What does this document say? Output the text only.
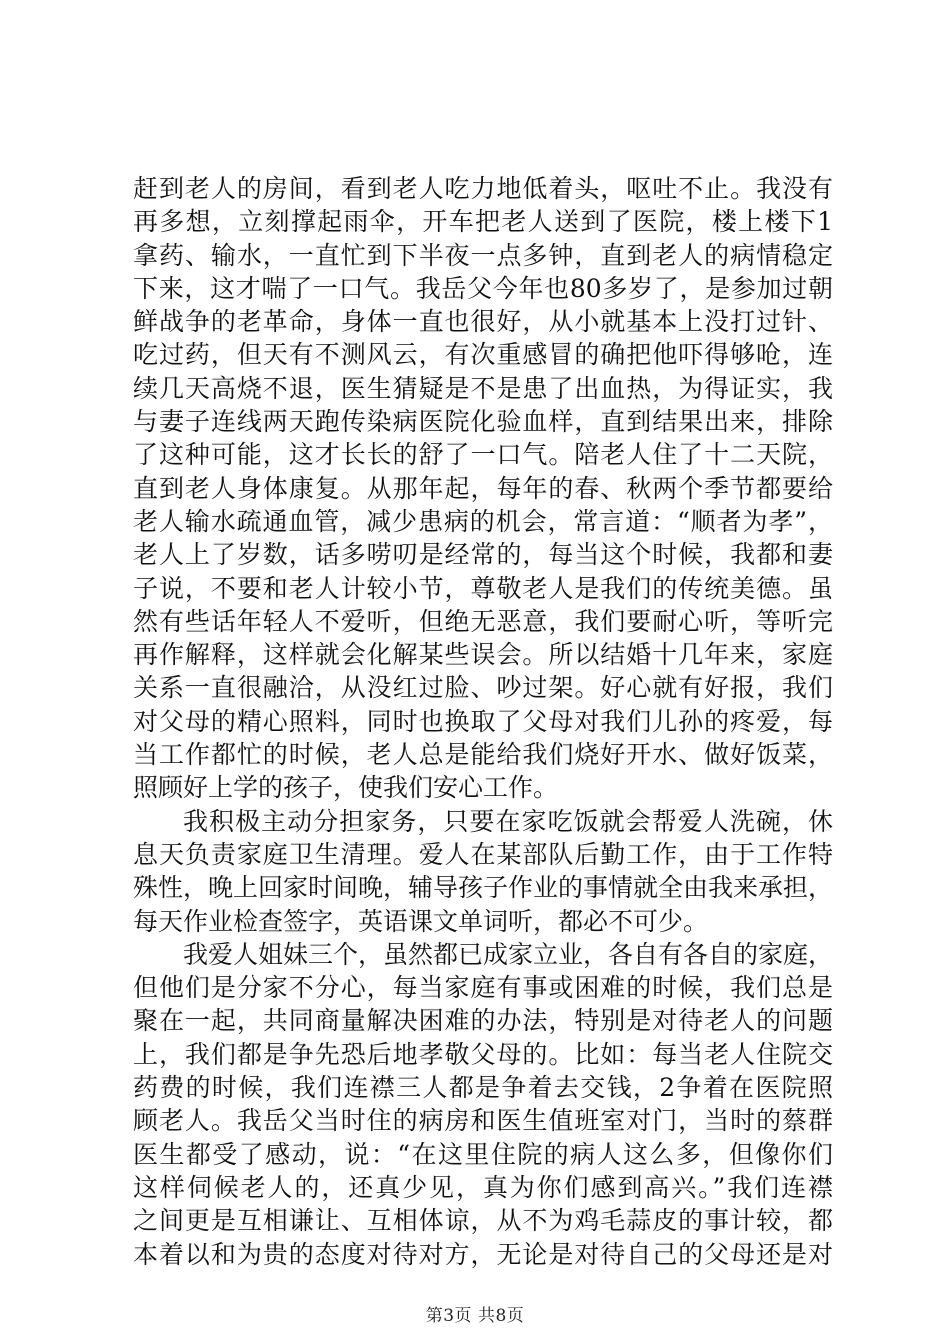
赶到老人的房间，看到老人吃力地低着头，呕吐不止。我没有
再多想，立刻撑起雨伞，开车把老人送到了医院，楼上楼下1
拿药、输水，一直忙到下半夜一点多钟，直到老人的病情稳定
下来，这才喘了一口气。我岳父今年也80多岁了，是参加过朝
鲜战争的老革命，身体一直也很好，从小就基本上没打过针、
吃过药，但天有不测风云，有次重感冒的确把他吓得够呛，连
续几天高烧不退，医生猜疑是不是患了出血热，为得证实，我
与妻子连线两天跑传染病医院化验血样，直到结果出来，排除
了这种可能，这才长长的舒了一口气。陪老人住了十二天院，
直到老人身体康复。从那年起，每年的春、秋两个季节都要给
老人输水疏通血管，减少患病的机会，常言道：“顺者为孝”，
老人上了岁数，话多唠叨是经常的，每当这个时候，我都和妻
子说，不要和老人计较小节，尊敬老人是我们的传统美德。虽
然有些话年轻人不爱听，但绝无恶意，我们要耐心听，等听完
再作解释，这样就会化解某些误会。所以结婚十几年来，家庭
关系一直很融洽，从没红过脸、吵过架。好心就有好报，我们
对父母的精心照料，同时也换取了父母对我们儿孙的疼爱，每
当工作都忙的时候，老人总是能给我们烧好开水、做好饭菜，
照顾好上学的孩子，使我们安心工作。
我积极主动分担家务，只要在家吃饭就会帮爱人洗碗，休
息天负责家庭卫生清理。爱人在某部队后勤工作，由于工作特
殊性，晚上回家时间晚，辅导孩子作业的事情就全由我来承担，
每天作业检查签字，英语课文单词听，都必不可少。
我爱人姐妹三个，虽然都已成家立业，各自有各自的家庭，
但他们是分家不分心，每当家庭有事或困难的时候，我们总是
聚在一起，共同商量解决困难的办法，特别是对待老人的问题
上，我们都是争先恐后地孝敬父母的。比如：每当老人住院交
药费的时候，我们连襟三人都是争着去交钱，2争着在医院照
顾老人。我岳父当时住的病房和医生值班室对门，当时的蔡群
医生都受了感动，说：“在这里住院的病人这么多，但像你们
这样伺候老人的，还真少见，真为你们感到高兴。”我们连襟
之间更是互相谦让、互相体谅，从不为鸡毛蒜皮的事计较，都
本着以和为贵的态度对待对方，无论是对待自己的父母还是对
第3页 共8页
